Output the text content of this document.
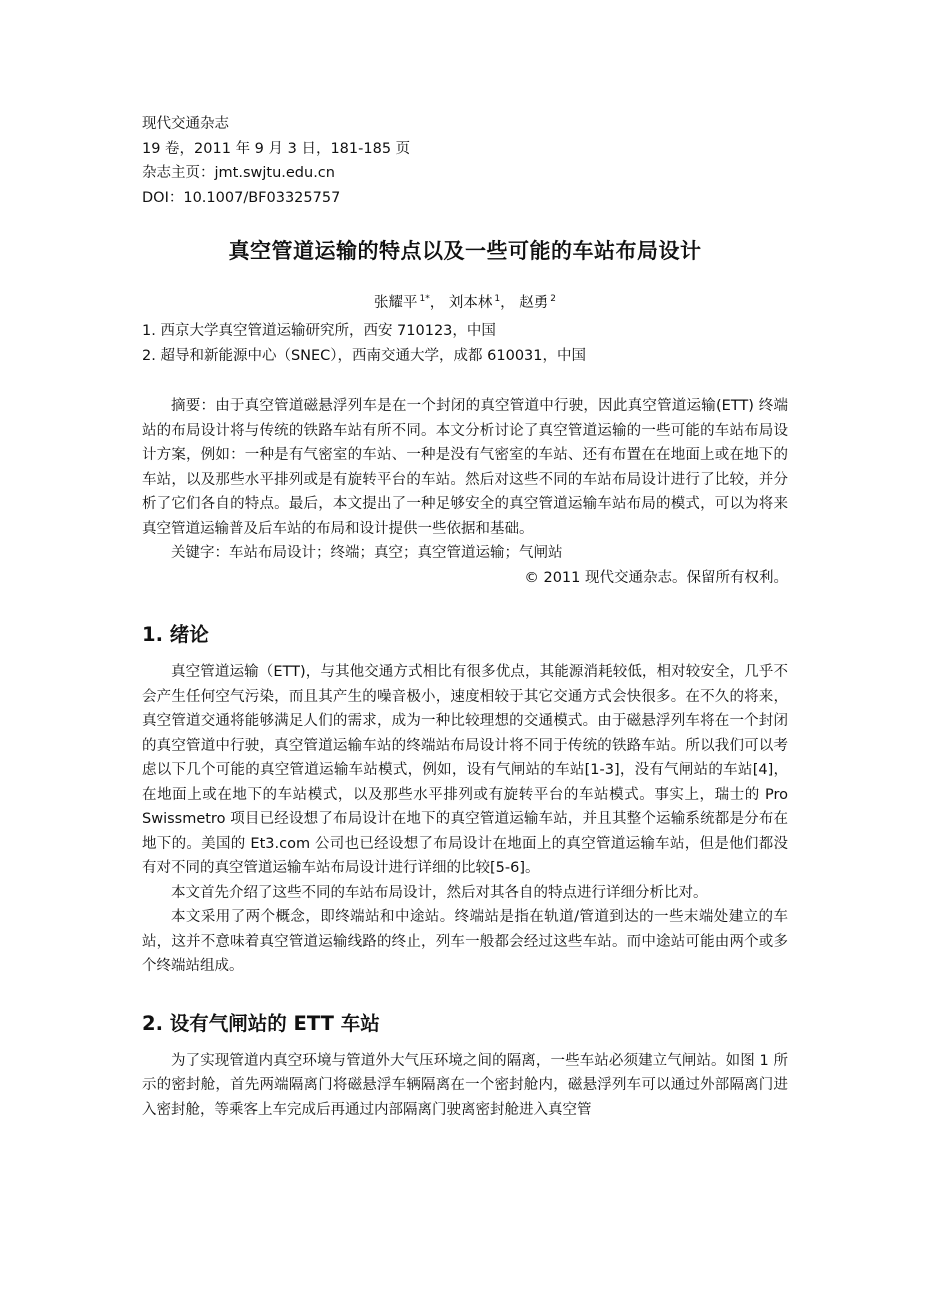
现代交通杂志
19 卷，2011 年 9 月 3 日，181-185 页
杂志主页：jmt.swjtu.edu.cn
DOI：10.1007/BF03325757
真空管道运输的特点以及一些可能的车站布局设计
张耀平 $^{1*}$， 刘本林 $^1$， 赵勇 $^2$
1. 西京大学真空管道运输研究所，西安 710123，中国
2. 超导和新能源中心（SNEC），西南交通大学，成都 610031，中国
摘要：由于真空管道磁悬浮列车是在一个封闭的真空管道中行驶，因此真空管道运输(ETT) 终端站的布局设计将与传统的铁路车站有所不同。本文分析讨论了真空管道运输的一些可能的车站布局设计方案，例如：一种是有气密室的车站、一种是没有气密室的车站、还有布置在在地面上或在地下的车站，以及那些水平排列或是有旋转平台的车站。然后对这些不同的车站布局设计进行了比较，并分析了它们各自的特点。最后，本文提出了一种足够安全的真空管道运输车站布局的模式，可以为将来真空管道运输普及后车站的布局和设计提供一些依据和基础。
关键字：车站布局设计；终端；真空；真空管道运输；气闸站
© 2011 现代交通杂志。保留所有权利。
1. 绪论

真空管道运输（ETT)，与其他交通方式相比有很多优点，其能源消耗较低，相对较安全，几乎不会产生任何空气污染，而且其产生的噪音极小，速度相较于其它交通方式会快很多。在不久的将来，真空管道交通将能够满足人们的需求，成为一种比较理想的交通模式。由于磁悬浮列车将在一个封闭的真空管道中行驶，真空管道运输车站的终端站布局设计将不同于传统的铁路车站。所以我们可以考虑以下几个可能的真空管道运输车站模式，例如，设有气闸站的车站[1-3]，没有气闸站的车站[4]，在地面上或在地下的车站模式，以及那些水平排列或有旋转平台的车站模式。事实上，瑞士的 Pro Swissmetro 项目已经设想了布局设计在地下的真空管道运输车站，并且其整个运输系统都是分布在地下的。美国的 Et3.com 公司也已经设想了布局设计在地面上的真空管道运输车站，但是他们都没有对不同的真空管道运输车站布局设计进行详细的比较[5-6]。

本文首先介绍了这些不同的车站布局设计，然后对其各自的特点进行详细分析比对。

本文采用了两个概念，即终端站和中途站。终端站是指在轨道/管道到达的一些末端处建立的车站，这并不意味着真空管道运输线路的终止，列车一般都会经过这些车站。而中途站可能由两个或多个终端站组成。

2. 设有气闸站的 ETT 车站

为了实现管道内真空环境与管道外大气压环境之间的隔离，一些车站必须建立气闸站。如图 1 所示的密封舱，首先两端隔离门将磁悬浮车辆隔离在一个密封舱内，磁悬浮列车可以通过外部隔离门进入密封舱，等乘客上车完成后再通过内部隔离门驶离密封舱进入真空管
